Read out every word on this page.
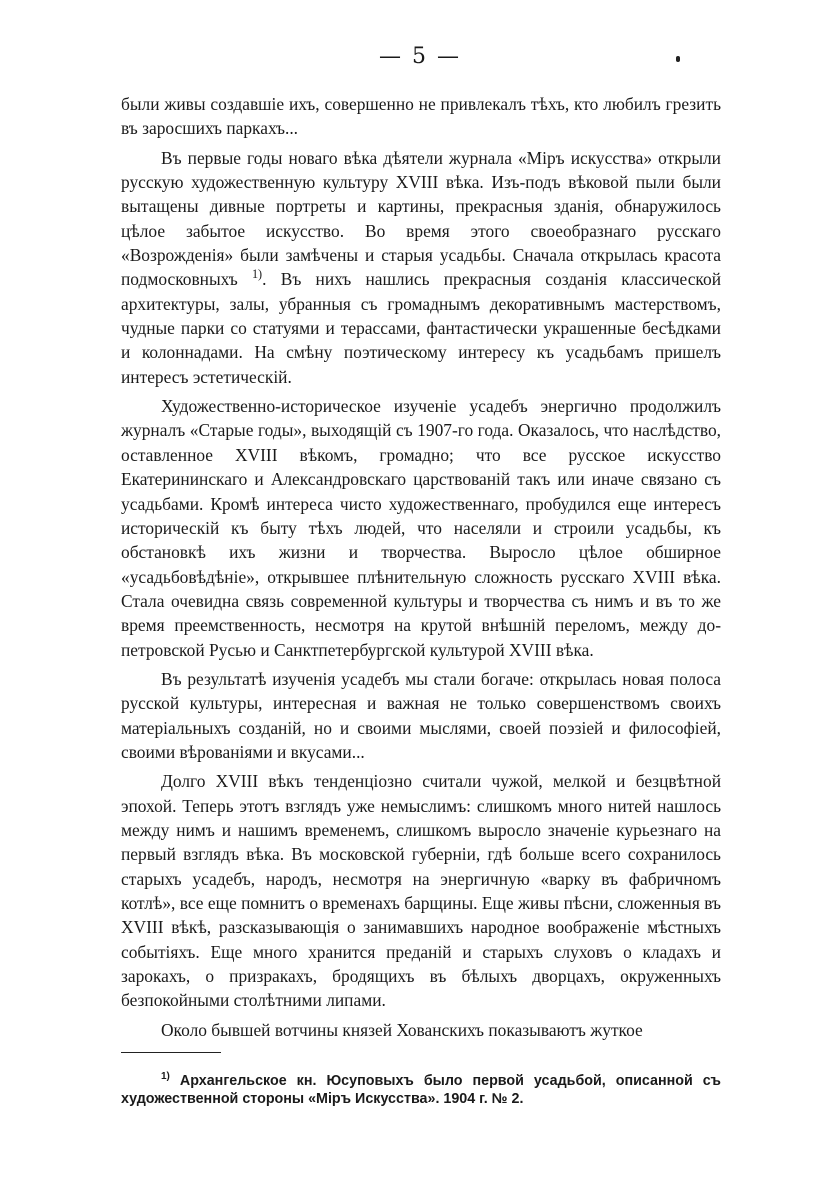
— 5 —

были живы создавшіе ихъ, совершенно не привлекалъ тѣхъ, кто любилъ грезить въ заросшихъ паркахъ...

Въ первые годы новаго вѣка дѣятели журнала «Міръ искусства» открыли русскую художественную культуру XVIII вѣка. Изъ-подъ вѣковой пыли были вытащены дивные портреты и картины, прекрасныя зданія, обнаружилось цѣлое забытое искусство. Во время этого своеобразнаго русскаго «Возрожденія» были замѣчены и старыя усадьбы. Сначала открылась красота подмосковныхъ $^{1)}$. Въ нихъ нашлись прекрасныя созданія классической архитектуры, залы, убранныя съ громаднымъ декоративнымъ мастерствомъ, чудные парки со статуями и терассами, фантастически украшенные бесѣдками и колоннадами. На смѣну поэтическому интересу къ усадьбамъ пришелъ интересъ эстетическій.

Художественно-историческое изученіе усадебъ энергично продолжилъ журналъ «Старые годы», выходящій съ 1907-го года. Оказалось, что наслѣдство, оставленное XVIII вѣкомъ, громадно; что все русское искусство Екатерининскаго и Александровскаго царствованій такъ или иначе связано съ усадьбами. Кромѣ интереса чисто художественнаго, пробудился еще интересъ историческій къ быту тѣхъ людей, что населяли и строили усадьбы, къ обстановкѣ ихъ жизни и творчества. Выросло цѣлое обширное «усадьбовѣдѣніе», открывшее плѣнительную сложность русскаго XVIII вѣка. Стала очевидна связь современной культуры и творчества съ нимъ и въ то же время преемственность, несмотря на крутой внѣшній переломъ, между до-петровской Русью и Санктпетербургской культурой XVIII вѣка.

Въ результатѣ изученія усадебъ мы стали богаче: открылась новая полоса русской культуры, интересная и важная не только совершенствомъ своихъ матеріальныхъ созданій, но и своими мыслями, своей поэзіей и философіей, своими вѣрованіями и вкусами...

Долго XVIII вѣкъ тенденціозно считали чужой, мелкой и безцвѣтной эпохой. Теперь этотъ взглядъ уже немыслимъ: слишкомъ много нитей нашлось между нимъ и нашимъ временемъ, слишкомъ выросло значеніе курьезнаго на первый взглядъ вѣка. Въ московской губерніи, гдѣ больше всего сохранилось старыхъ усадебъ, народъ, несмотря на энергичную «варку въ фабричномъ котлѣ», все еще помнитъ о временахъ барщины. Еще живы пѣсни, сложенныя въ XVIII вѣкѣ, разсказывающія о занимавшихъ народное воображеніе мѣстныхъ событіяхъ. Еще много хранится преданій и старыхъ слуховъ о кладахъ и зарокахъ, о призракахъ, бродящихъ въ бѣлыхъ дворцахъ, окруженныхъ безпокойными столѣтними липами.

Около бывшей вотчины князей Хованскихъ показываютъ жуткое

$^{1)}$ Архангельское кн. Юсуповыхъ было первой усадьбой, описанной съ художественной стороны «Міръ Искусства». 1904 г. № 2.
